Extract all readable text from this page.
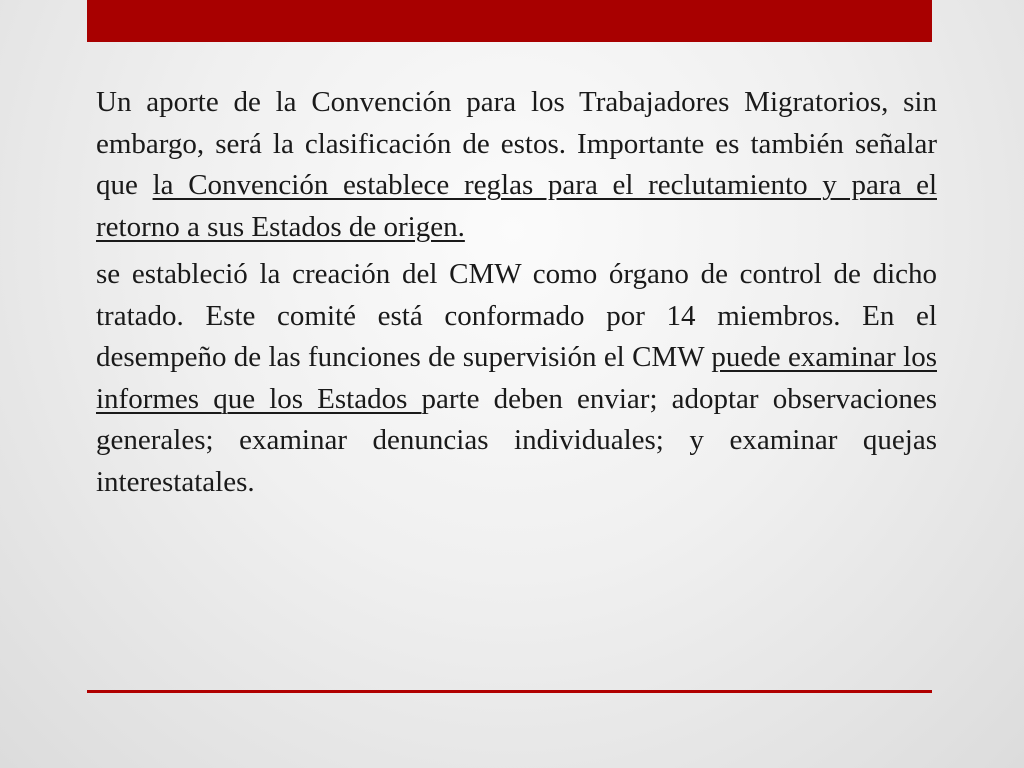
Un aporte de la Convención para los Trabajadores Migratorios, sin embargo, será la clasificación de estos. Importante es también señalar que la Convención establece reglas para el reclutamiento y para el retorno a sus Estados de origen.

se estableció la creación del CMW como órgano de control de dicho tratado. Este comité está conformado por 14 miembros. En el desempeño de las funciones de supervisión el CMW puede examinar los informes que los Estados parte deben enviar; adoptar observaciones generales; examinar denuncias individuales; y examinar quejas interestatales.
